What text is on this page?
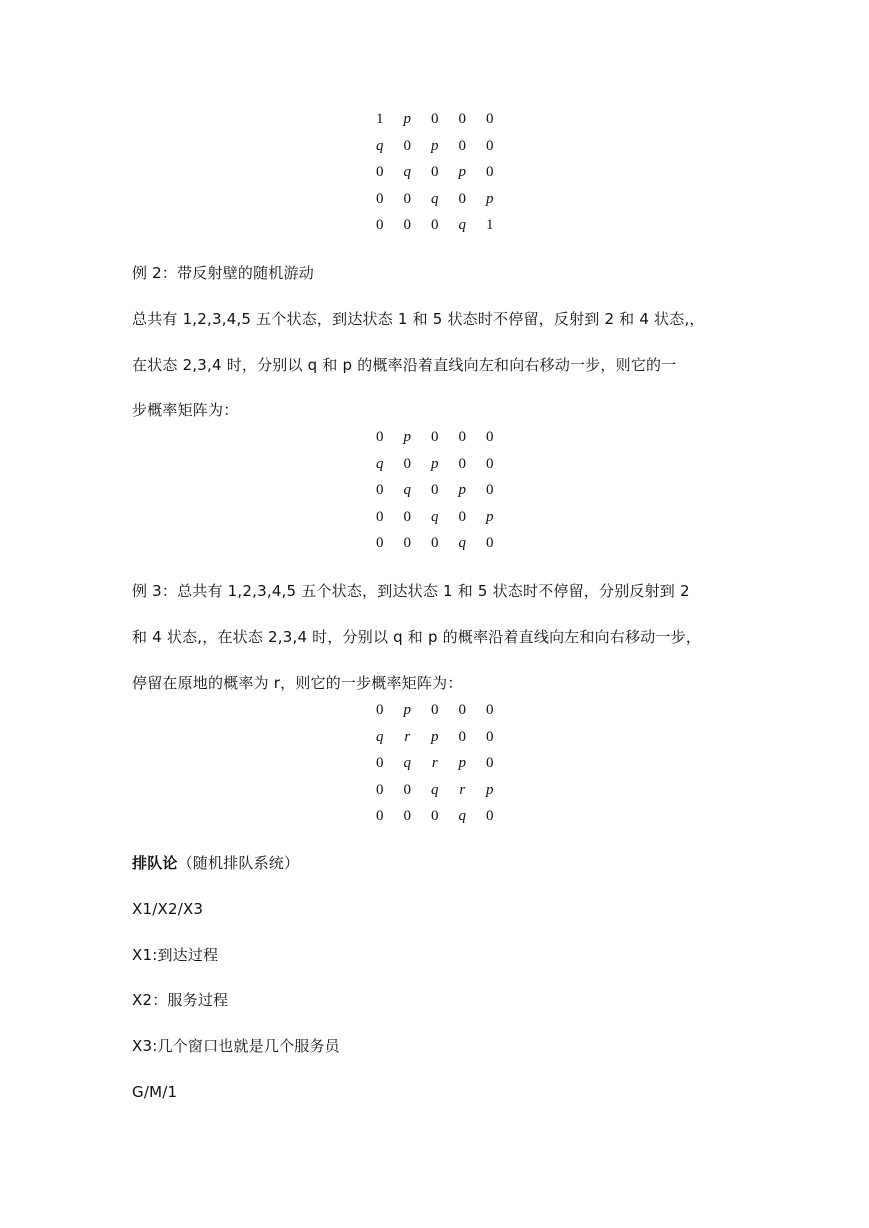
1 p 0 0 0
q 0 p 0 0
0 q 0 p 0
0 0 q 0 p
0 0 0 q 1
例 2：带反射壁的随机游动
总共有 1,2,3,4,5 五个状态，到达状态 1 和 5 状态时不停留，反射到 2 和 4 状态,，
在状态 2,3,4 时，分别以 q 和 p 的概率沿着直线向左和向右移动一步，则它的一
步概率矩阵为：
0 p 0 0 0
q 0 p 0 0
0 q 0 p 0
0 0 q 0 p
0 0 0 q 0
例 3：总共有 1,2,3,4,5 五个状态，到达状态 1 和 5 状态时不停留，分别反射到 2
和 4 状态,，在状态 2,3,4 时，分别以 q 和 p 的概率沿着直线向左和向右移动一步，
停留在原地的概率为 r，则它的一步概率矩阵为：
0 p 0 0 0
q r p 0 0
0 q r p 0
0 0 q r p
0 0 0 q 0
排队论（随机排队系统）
X1/X2/X3
X1:到达过程
X2：服务过程
X3:几个窗口也就是几个服务员
G/M/1
